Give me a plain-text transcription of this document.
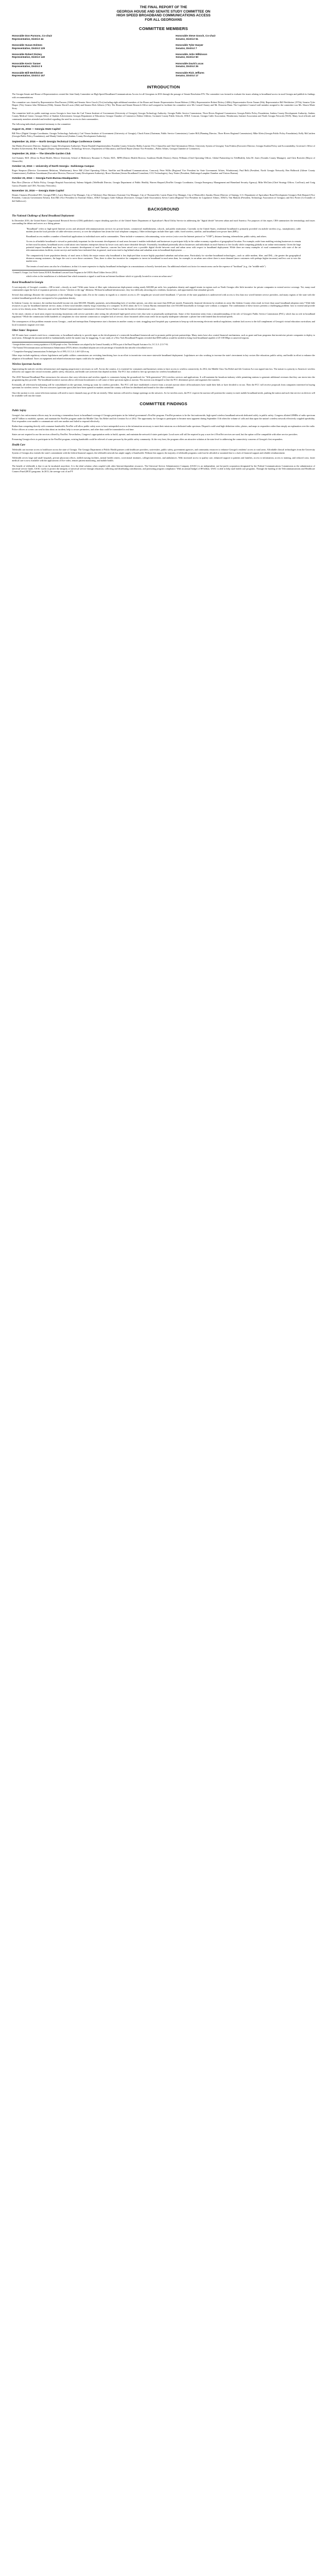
THE FINAL REPORT OF THE
GEORGIA HOUSE AND SENATE STUDY COMMITTEE ON
HIGH SPEED BROADBAND COMMUNICATIONS ACCESS
FOR ALL GEORGIANS
COMMITTEE MEMBERS
Honorable Don Parsons, Co-chair
Representative, District 44
Honorable Susan Holmes
Representative, District 129
Honorable Robert Dickey
Representative, District 140
Honorable Kevin Tanner
Representative, District 9
Honorable Bill Werkheiser
Representative, District 157
Honorable Steve Gooch, Co-chair
Senator, District 51
Honorable Tyler Harper
Senator, District 7
Honorable John Wilkinson
Senator, District 50
Honorable David Lucas
Senator, District 26
Honorable Rick Jeffares
Senator, District 17
INTRODUCTION

The Georgia Senate and House of Representatives created the Joint Study Committee on High Speed Broadband Communications Access for all Georgians in 2016 through the passage of Senate Resolution 876. The committee was formed to evaluate the issues relating to broadband access in rural Georgia and publish its findings with recommendations.

The committee was chaired by Representative Don Parsons (160th) and Senator Steve Gooch (51st) including eight additional members of the House and Senate: Representative Susan Holmes (129th); Representative Robert Dickey (140th); Representative Kevin Tanner (9th); Representative Bill Werkheiser (157th); Senator Tyler Harper (7th); Senator John Wilkinson (50th); Senator David Lucas (26th) and Senator Rick Jeffares (17th). The House and Senate Research Office staff assigned to facilitate the committee were Mr. Lenard Chaney and Mr. Donavan Dunn. The Legislative Counsel staff member assigned to the committee was Ms. Shawn Marie Story.

The committee held six public meetings across Georgia to hear from the Carl Vinson Institute of Government (University of Georgia); Georgia Technology Authority; Georgia Public Service Commission; Three Rivers Regional Commission; Georgia Public Policy Foundation; Jenkins County Development Authority; Jenkins County Medical Center; Georgia Office of Student Achievement; Georgia Department of Education; Georgia Chamber of Commerce; Dalton Utilities; Gwinnett County Public Schools; AT&T; Comcast; Georgia Cable Association; Windstream; Internet Association and North Georgia Network (NGN). Many local officials and community members attended and testified regarding the need for access in their communities.

The following individuals presented testimony to the committee:

August 31, 2016 — Georgia State Capitol

Bill Price (Digital Georgia Coordinator, Georgia Technology Authority); Carl Vinson Institute of Government (University of Georgia); Chuck Eaton (Chairman, Public Service Commission); Lanier Hill (Planning Director, Three Rivers Regional Commission); Mike Klein (Georgia Public Policy Foundation); Kelly McCutchen (Georgia Public Policy Foundation); and Mandy Underwood (Jenkins County Development Authority).

September 15, 2016 — North Georgia Technical College Conference Center

Jim Martin (Executive Director, Stephens County Development Authority); Wayne Randall (Superintendent, Franklin County Schools); Bobby Laurine (Vice Chancellor and Chief Information Officer, University System of Georgia); Tom Frittitta (Executive Director, Georgia Student Policy and Accountability, Governor's Office of Student Achievement); Bob Swiggum (Deputy Superintendent—Technology Services, Department of Education); and David Rayne (Senior Vice President—Public Affairs, Georgia Chamber of Commerce).

September 29, 2016 — The Glenville Garden Club

Joel Sumner, M.D. (Dean for Rural Health, Mercer University School of Medicine); Roxanne G. Parker, M.D., MPH (District Health Director, Southeast Health District); Sherry Williams (Chief Operating Officer, Global Partnership for TeleHealth); John M. Jones (Toombs County Manager); and Chris Roessler (Mayor of Glennville).

October 13, 2016 — University of North Georgia - Dahlonega Campus

Roger Simpson (Director Government Relations, Windstream); Steve Hill (Chief Operating Officer, Satellite and Broadband Communications, Comcast); Peter Willis (Regional Vice President for State Government Affairs, Windstream); Paul Belk (President, North Georgia Network); Ben Holbrook (Gilmer County Commissioner); Kathleen Ausenbaum (Executive Director, Dawson County Development Authority); Bruce Abraham (Senior Broadband Consultant, CCG Technologies); Amy Nutter (President, Dahlonega-Lumpkin Chamber and Visitors Bureau).

October 20, 2016 — Georgia Farm Bureau Headquarters

Bass Rice (Director of Public Policy, Georgia Hospital Association); Sulema Salgado (TeleHealth Director, Georgia Department of Public Health); Warren Shepard (FirstNet Georgia Coordinator, Georgia Emergency Management and Homeland Security Agency); Mike McClain (Chief Strategy Officer, ConTrust); and Craig Garcia (Founder and CEO, Nocentry Networks).

November 10, 2016 — Georgia State Capitol

Dennis Chastain (President/CEO, Georgia EMC); Larry Hanson (City Manager, City of Valdosta); Don Atkinson (Assistant City Manager, City of Thomasville); Larren Dunn (City Manager, City of Blairsville); Sunday Dixon (Director of Strategy, U.S. Department of Agriculture Rural Development Georgia); Rob Shepard (Vice President, Comcast Government Affairs); Ken Hill (Vice President for External Affairs, AT&T Georgia); Gabe Sulliyan (Executive, Georgia Cable Association); Kevin Curtin (Regional Vice President for Legislative Affairs, AT&T); Tim Mattola (President, Technology Association of Georgia); and Eric Porter (Co-founder of theClubhou.se).

BACKGROUND
The National Challenge of Rural Broadband Deployment

In December 2016, the United States Congressional Research Service (CRS) published a report detailing specifics of the United States Department of Agriculture's Rural Utility Service in addressing the "digital divide" between urban and rural America. For purposes of this report, CRS summarizes the terminology and issues surrounding the debate and serves as a fitting primer.

"Broadband" refers to high-speed Internet access and advanced telecommunications services for private homes, commercial establishments, schools, and public institutions. Currently in the United States, residential broadband is primarily provided via mobile wireless (e.g., smartphones), cable modem (from the local provider of cable television service), or over the telephone line (from the local telephone company). Other technologies include fiber optic cable, fixed wireless, satellite, and broadband over power lines (BPL).

Broadband access enables a number of beneficial applications to individual users and to communities. These include e-commerce, telecommuting, voice service (voice over the Internet protocol or "VOIP"), distance learning, telemedicine, public safety, and others.

Access to affordable broadband is viewed as particularly important for the economic development of rural areas because it enables individuals and businesses to participate fully in the online economy regardless of geographical location. For example, aside from enabling existing businesses to remain in their rural locations, broadband access could attract new business enterprises drawn by lower costs and a more desirable lifestyle. Essentially, broadband potentially allows businesses and individuals in rural America to live locally while competing globally in an online environment. Given the large potential impact broadband may have on the economic development of rural America, concern has been raised over a possible digital divide between rural and urban areas with respect to broadband deployment. While there are many examples of rural communities with state of the art telecommunications facilities, recent surveys and studies have indicated that, in general, rural areas tend to lag behind urban and suburban areas in broadband deployment. . . .

The comparatively lower population density of rural areas is likely the major reason why broadband is less deployed than in more highly populated suburban and urban areas. Particularly for wireline broadband technologies—such as cable modem, fiber, and DSL—the greater the geographical distances among customers, the larger the cost to serve those customers. Thus, there is often less incentive for companies to invest in broadband in rural areas than, for example, in an urban area where there is more demand (more customers with perhaps higher incomes) and less cost to wire the market area.

The terrain of rural areas can also be a hindrance, in that it is more expensive to deploy broadband technologies in a mountainous or heavily forested area. An additional related cost factor for remote areas can be the expense of "backhaul" (e.g., the "middle mile")

¹ Lennard G. Kruger, Lisa Nicole Gurian, R13818, Broadband Loan and Grant Programs in the USDA's Rural Utilities Service (2014)

which refers to the installation of a dedicated line which transmits a signal to and from an Internet backbone which is typically located in or near an urban area.²

Rural Broadband in Georgia

A vast majority of Georgia's counties—108 in total—classify as rural.³ With some forms of fiber optic infrastructure deployment costing nearly $40,000 per mile, low population density and rugged terrain in regions such as North Georgia offer little incentive for private companies to extend service coverage. Yet, many rural communities argue the lack of expansion presents a classic "chicken or the egg" dilemma. Without broadband infrastructure, they face difficulty attracting new residents, businesses, and opportunities that stimulate growth.

Several data rankings illustrate the consequences of the challenge. Georgia ranks 21st in the country in regards to a citizen's access to 25+ megabit per second wired broadband. 17 percent of the state population is underserved with access to less than two wired Internet service providers, and many regions of the state with the weakest broadband growth also correspond to low population density.

In Jenkins County, for instance, the median household income sits near $30,000. Monthly payments, notwithstanding lack of wireline options, can often run more than $100 per month. Financially, financial decisions by residents in areas like Jenkins County often result in fewer than usual broadband adoption rates.⁴ With little resources to pay for broadband internet service, many of these rural families entirely forgo ownership of a computer. In 2014 alone, the U.S. Census Bureau estimated that over 810,000 households in Georgia were without a computer. The combination of these factors presents a challenging problem: how to extend and provide access to low density areas. Moreover, state and the Federal Communication Commission's Universal Service Fund to ease the burden of infrastructure costs.

At the onset, citizens of rural areas require increasing frustrations with service providers after seeing the advertised high-speed service tiers that went to perpetually underperform. Some of the frustration stems from a misunderstanding of the role of Georgia's Public Service Commission (PSC), which has no role in broadband regulation.⁵ While the commission fields hundreds of complaints for slow internet connection or complete lack of service, those frustrated callers must settle for an equally inadequate substitute: a phone line with limited data download speeds.

The consequences of this problem resonate across Georgia—rural and metropolitan. Entrepreneurs start a business in another county or state, struggling rural hospitals pay a premium to keep up with increasing electronic medical regulations; students lack access to the full complement of Georgia's virtual education curriculum; and local economies stagnate over time.

Other States' Responses

All 50 states have created a task force, commission, or broadband authority to provide input on the development of a statewide broadband framework and to promote public-private partnerships. Many states have also created financial mechanisms, such as grant and loan programs that incentivize private companies to deploy to rural areas. Although the amount needed to fundamentally tackle the matter may be staggering. A case study of a New York Broadband Program revealed that $500 million would be needed to bring fixed broadband capable of 25-100 Mbps to unserved regions.

² Georgia defines rural as a county population of 35,000 people or less. This definition was adopted by the General Assembly in 1990 as part of the Rural Hospital Assistance Act, O.C.G.A. § 31-7-94.

³ The National Telecommunications and Information Administration (NTIA) defines a broadband adoption rate as the percentage of households that subscribe to broadband service.

⁴ "Competitive Emerging Communications Technologies Act of 1995, O.C.G.A. § 46-5-220 et seq.

Other steps include regulatory reform: legislatures and public utilities commissions are revisiting franchising laws in an effort to incentivize even more statewide broadband deployment. Legislatures are also working to increase the state's investment in key sectors like education, public safety, and health in effort to enhance the adoption of broadband. Taxes on equipment and related infrastructure inputs could also be simplified.

Wireless Spectrum Auction

Appreciating the nation's wireless infrastructure and ongoing progression is necessary as well. Across the country, it is essential for consumers and businesses seems to have access to wireless connectivity. In 2012, the Middle Class Tax Relief and Job Creation Act was signed into law. The statute is a priority to America's wireless networks can support the critical economic, public safety, education, and health care activities that depend on them. The FCC has worked to free up spectrum for wireless broadband use.

The 2010 National Broadband Plan restructures the airwaves that carry television and wireless signals to consumers laying the groundwork for "fifth generation" (5G) wireless services and applications. It will maintain the broadcast industry while permitting stations to generate additional revenues that they can invest into the programming they provide. The broadband incentive auction allows television broadcasters to sell some of their spectrum rights at auction. The auction was designed so that the FCC determines prices and organizes the transfers.

Eventually, all television broadcasting will be consolidated on the spectrum, freeing up room for wireless providers. The FCC will have established a reserve from a second auction where all broadcasters have made their bids or have decided to sit out. Then the FCC will receive proposals from companies interested in buying spectrum for wireless service. The new airwaves (spectrum space) that have been opened in markets around the country will then be distributed and bound to the ultra-wideband.

Once the auction is over, some television stations will need to move channels may go off the air entirely. Other stations will need to change openings on the airwaves. As for wireless users, the FCC expects the auction will position the country to meet mobile broadband needs, pushing the nation and such that service on devices will be available well into the future.

COMMITTEE FINDINGS
Public Safety

Georgia's law enforcement officers may be receiving a tremendous boost in broadband coverage if Georgia participates in the federal government's FirstNet program. FirstNet promises to be the first nationwide, high-speed wireless broadband network dedicated solely to public safety. Congress allotted 20MHz of radio spectrum and $7 billion to establish, operate, and maintain the FirstNet program under the Middle Class Tax Relief and Job Creation Act of 2012. The opportunity for Georgia to participate in became most apparent during September 11th when the volume of calls and data upon the nation's wireless network effectively crippled operability. First responders were unable to communicate with one another and failed to respond effectively.

Rather than competing directly with consumer bandwidth, FirstNet will allow public safety users to have unimpeded access to the information necessary to meet their missions on a dedicated radio spectrum. Dispatch could send high-definition video, photos, and maps to responders rather than simply an explanation over the radio. Police officers at scenes can send in data about an incident, help to secure perimeters, and other data could be transmitted in real time.

States are not required to use the services offered by FirstNet. Nevertheless, Congress's appropriation seeks to build, operate, and maintain the network if states participate. Local users will still be required to pay a user fee if FirstNet services are used, but the option will be compatible with other service providers.

Presuming Georgia elects to participate in the FirstNet program, existing bandwidth could be relieved of some pressure by the public safety community. At the very least, the program offers an attractive solution at the state level to addressing the connectivity concerns of Georgia's first responders.

Health Care

Telehealth can increase access to healthcare across the state of Georgia. The Georgia Department of Public Health partners with healthcare providers, universities, public safety, government agencies, and community resources to enhance Georgia's residents' access to rural areas. Affordable clinical technologies from the University System of Georgia also extends the state's commitment with the federal financial support, the telehealth network has ample supply of bandwidth. Without this support, the majority of telehealth programs could not be afforded or sustained due to a lack of financial support and reliable reimbursement.

Telehealth serves large and small hospitals, private physician offices, skilled nursing facilities, mental health centers, correctional institutes, colleges/universities, and ambulances. With increased access to quality care, enhanced support to patients and families, access to information, access to training, and reduced costs, faster medical care is now available with the applications of live video, remote patient monitoring, and mobile health.

The benefit of telehealth is that it can be incubated anywhere. It is the ideal solution when coupled with other Internet-dependent resources. The Universal Service Administrative Company (USAC) is an independent, not-for-profit corporation designated by the Federal Communications Commission as the administrator of universal service funds. USAC works to protect the integrity of universal service through education, collecting and distributing contributions, and promoting program compliance. With an annual budget of $9 billion, USAC is able to help rural health care programs. Through the funding of the Telecommunications and Healthcare Connect Fund (HCF) programs. In 2013, the average cost of an FY
